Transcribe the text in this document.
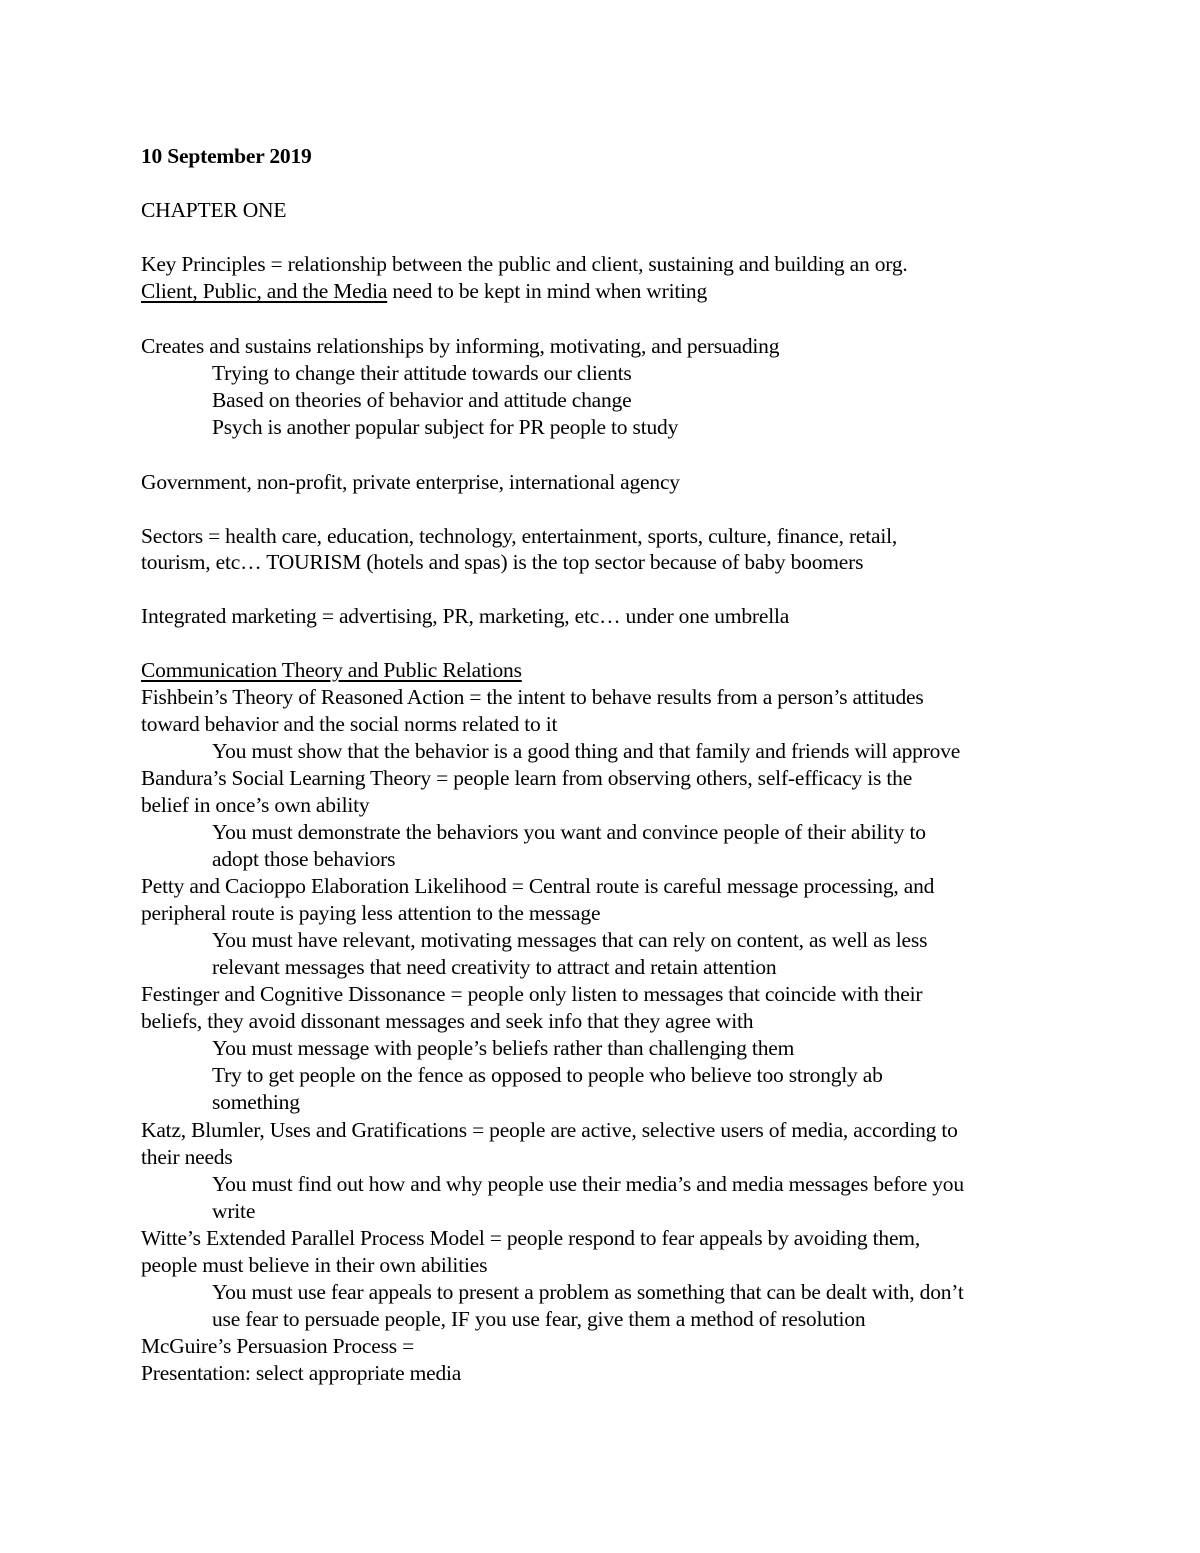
10 September 2019
CHAPTER ONE
Key Principles = relationship between the public and client, sustaining and building an org.
Client, Public, and the Media need to be kept in mind when writing
Creates and sustains relationships by informing, motivating, and persuading
Trying to change their attitude towards our clients
Based on theories of behavior and attitude change
Psych is another popular subject for PR people to study
Government, non-profit, private enterprise, international agency
Sectors = health care, education, technology, entertainment, sports, culture, finance, retail,
tourism, etc… TOURISM (hotels and spas) is the top sector because of baby boomers
Integrated marketing = advertising, PR, marketing, etc… under one umbrella
Communication Theory and Public Relations
Fishbein’s Theory of Reasoned Action = the intent to behave results from a person’s attitudes
toward behavior and the social norms related to it
You must show that the behavior is a good thing and that family and friends will approve
Bandura’s Social Learning Theory = people learn from observing others, self-efficacy is the
belief in once’s own ability
You must demonstrate the behaviors you want and convince people of their ability to
adopt those behaviors
Petty and Cacioppo Elaboration Likelihood = Central route is careful message processing, and
peripheral route is paying less attention to the message
You must have relevant, motivating messages that can rely on content, as well as less
relevant messages that need creativity to attract and retain attention
Festinger and Cognitive Dissonance = people only listen to messages that coincide with their
beliefs, they avoid dissonant messages and seek info that they agree with
You must message with people’s beliefs rather than challenging them
Try to get people on the fence as opposed to people who believe too strongly ab
something
Katz, Blumler, Uses and Gratifications = people are active, selective users of media, according to
their needs
You must find out how and why people use their media’s and media messages before you
write
Witte’s Extended Parallel Process Model = people respond to fear appeals by avoiding them,
people must believe in their own abilities
You must use fear appeals to present a problem as something that can be dealt with, don’t
use fear to persuade people, IF you use fear, give them a method of resolution
McGuire’s Persuasion Process =
Presentation: select appropriate media
